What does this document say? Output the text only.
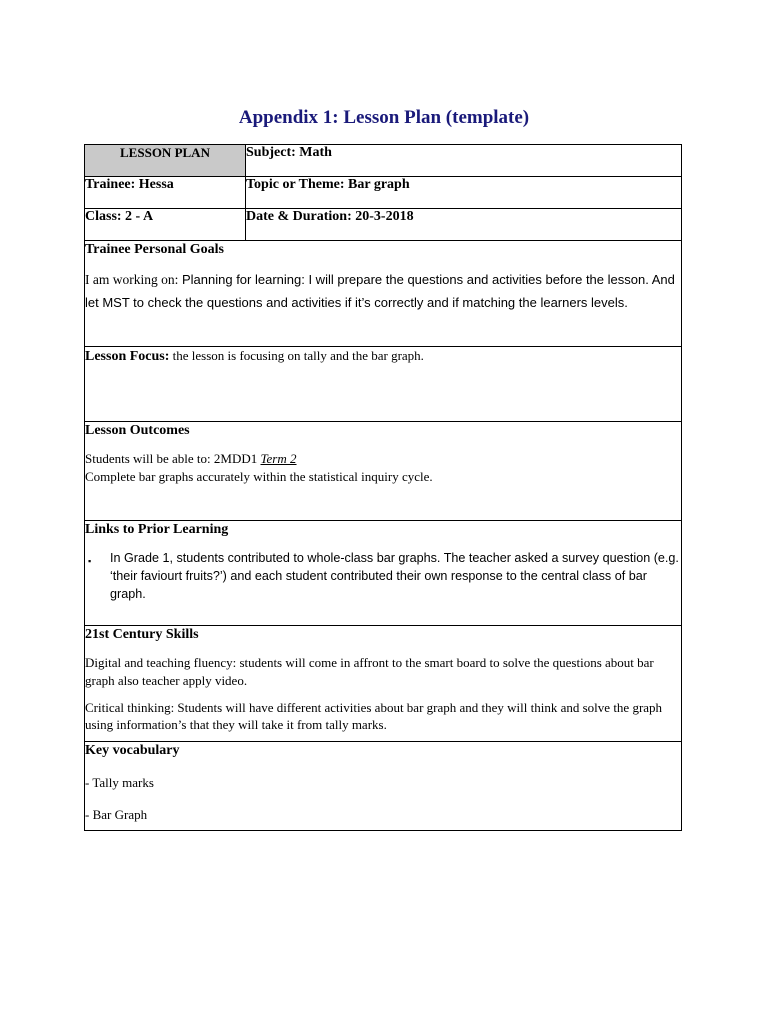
Appendix 1: Lesson Plan (template)
LESSON PLAN	Subject: Math
Trainee: Hessa	Topic or Theme: Bar graph
Class: 2 - A	Date & Duration: 20-3-2018

Trainee Personal Goals

I am working on: Planning for learning: I will prepare the questions and activities before the lesson. And let MST to check the questions and activities if it’s correctly and if matching the learners levels.	

Lesson Focus: the lesson is focusing on tally and the bar graph.	

Lesson Outcomes

Students will be able to: 2MDD1 Term 2

Complete bar graphs accurately within the statistical inquiry cycle.	

Links to Prior Learning

▪ In Grade 1, students contributed to whole-class bar graphs. The teacher asked a survey question (e.g. ‘their faviourt fruits?’) and each student contributed their own response to the central class of bar graph.	

21st Century Skills

Digital and teaching fluency: students will come in affront to the smart board to solve the questions about bar graph also teacher apply video.

Critical thinking: Students will have different activities about bar graph and they will think and solve the graph using information’s that they will take it from tally marks.	

Key vocabulary

- Tally marks

- Bar Graph	
